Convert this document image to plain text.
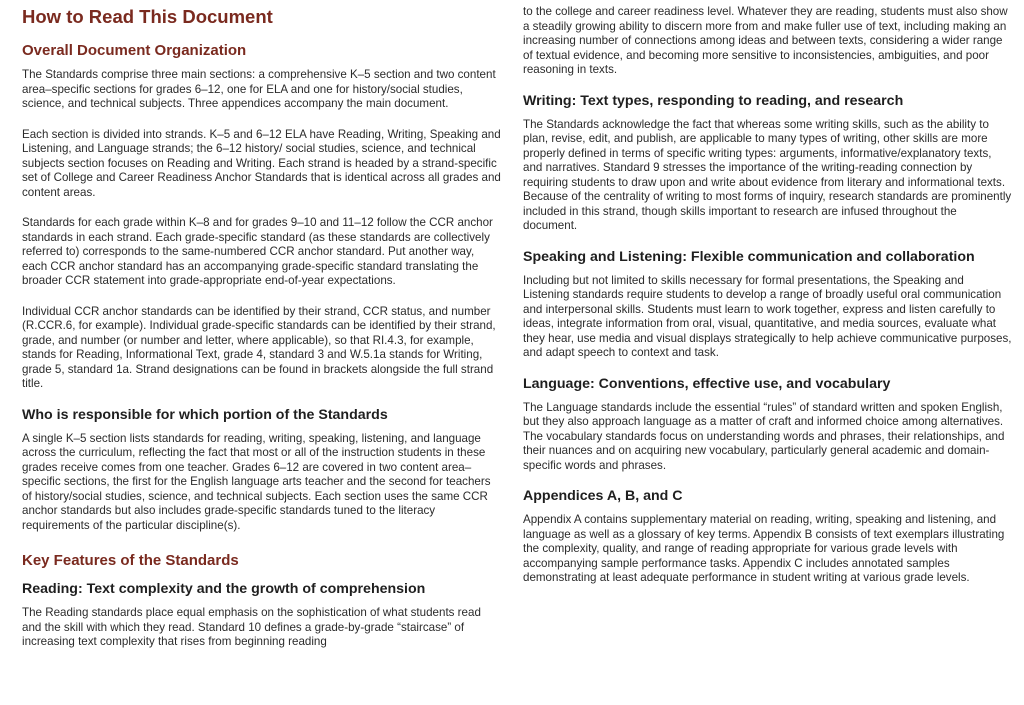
How to Read This Document
Overall Document Organization

The Standards comprise three main sections: a comprehensive K–5 section and two content area–specific sections for grades 6–12, one for ELA and one for history/social studies, science, and technical subjects. Three appendices accompany the main document.

Each section is divided into strands. K–5 and 6–12 ELA have Reading, Writing, Speaking and Listening, and Language strands; the 6–12 history/ social studies, science, and technical subjects section focuses on Reading and Writing. Each strand is headed by a strand-specific set of College and Career Readiness Anchor Standards that is identical across all grades and content areas.

Standards for each grade within K–8 and for grades 9–10 and 11–12 follow the CCR anchor standards in each strand. Each grade-specific standard (as these standards are collectively referred to) corresponds to the same-numbered CCR anchor standard. Put another way, each CCR anchor standard has an accompanying grade-specific standard translating the broader CCR statement into grade-appropriate end-of-year expectations.

Individual CCR anchor standards can be identified by their strand, CCR status, and number (R.CCR.6, for example). Individual grade-specific standards can be identified by their strand, grade, and number (or number and letter, where applicable), so that RI.4.3, for example, stands for Reading, Informational Text, grade 4, standard 3 and W.5.1a stands for Writing, grade 5, standard 1a. Strand designations can be found in brackets alongside the full strand title.

Who is responsible for which portion of the Standards

A single K–5 section lists standards for reading, writing, speaking, listening, and language across the curriculum, reflecting the fact that most or all of the instruction students in these grades receive comes from one teacher. Grades 6–12 are covered in two content area–specific sections, the first for the English language arts teacher and the second for teachers of history/social studies, science, and technical subjects. Each section uses the same CCR anchor standards but also includes grade-specific standards tuned to the literacy requirements of the particular discipline(s).

Key Features of the Standards
Reading: Text complexity and the growth of comprehension

The Reading standards place equal emphasis on the sophistication of what students read and the skill with which they read. Standard 10 defines a grade-by-grade “staircase” of increasing text complexity that rises from beginning reading

to the college and career readiness level. Whatever they are reading, students must also show a steadily growing ability to discern more from and make fuller use of text, including making an increasing number of connections among ideas and between texts, considering a wider range of textual evidence, and becoming more sensitive to inconsistencies, ambiguities, and poor reasoning in texts.

Writing: Text types, responding to reading, and research

The Standards acknowledge the fact that whereas some writing skills, such as the ability to plan, revise, edit, and publish, are applicable to many types of writing, other skills are more properly defined in terms of specific writing types: arguments, informative/explanatory texts, and narratives. Standard 9 stresses the importance of the writing-reading connection by requiring students to draw upon and write about evidence from literary and informational texts. Because of the centrality of writing to most forms of inquiry, research standards are prominently included in this strand, though skills important to research are infused throughout the document.

Speaking and Listening: Flexible communication and collaboration

Including but not limited to skills necessary for formal presentations, the Speaking and Listening standards require students to develop a range of broadly useful oral communication and interpersonal skills. Students must learn to work together, express and listen carefully to ideas, integrate information from oral, visual, quantitative, and media sources, evaluate what they hear, use media and visual displays strategically to help achieve communicative purposes, and adapt speech to context and task.

Language: Conventions, effective use, and vocabulary

The Language standards include the essential “rules” of standard written and spoken English, but they also approach language as a matter of craft and informed choice among alternatives. The vocabulary standards focus on understanding words and phrases, their relationships, and their nuances and on acquiring new vocabulary, particularly general academic and domain-specific words and phrases.

Appendices A, B, and C

Appendix A contains supplementary material on reading, writing, speaking and listening, and language as well as a glossary of key terms. Appendix B consists of text exemplars illustrating the complexity, quality, and range of reading appropriate for various grade levels with accompanying sample performance tasks. Appendix C includes annotated samples demonstrating at least adequate performance in student writing at various grade levels.
